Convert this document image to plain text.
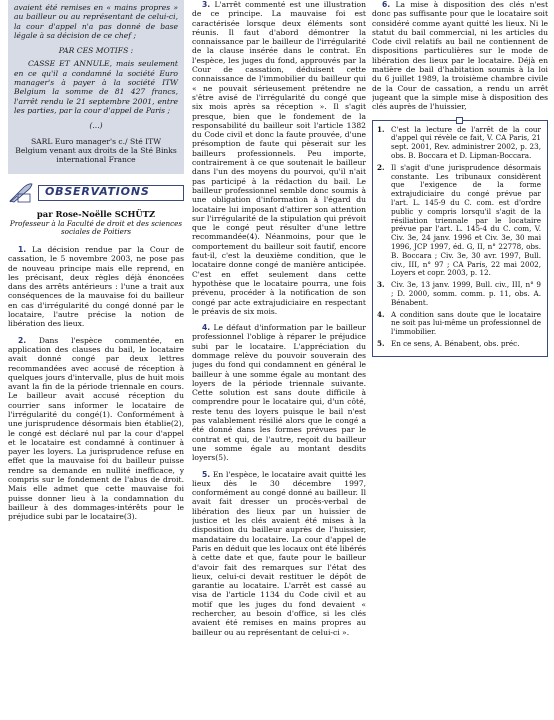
avaient été remises en « mains propres » au bailleur ou au représentant de celui-ci, la cour d'appel n'a pas donné de base légale à sa décision de ce chef ;

PAR CES MOTIFS :

CASSE ET ANNULE, mais seulement en ce qu'il a condamné la société Euro manager's à payer à la société ITW Belgium la somme de 81 427 francs, l'arrêt rendu le 21 septembre 2001, entre les parties, par la cour d'appel de Paris ;

(...)

SARL Euro manager's c./ Sté ITW Belgium venant aux droits de la Sté Binks international France

OBSERVATIONS
par Rose-Noëlle SCHÜTZ
Professeur à la Faculté de droit et des sciences sociales de Poitiers

1. La décision rendue par la Cour de cassation, le 5 novembre 2003, ne pose pas de nouveau principe mais elle reprend, en les précisant, deux règles déjà énoncées dans des arrêts antérieurs : l'une a trait aux conséquences de la mauvaise foi du bailleur en cas d'irrégularité du congé donné par le locataire, l'autre précise la notion de libération des lieux.

2. Dans l'espèce commentée, en application des clauses du bail, le locataire avait donné congé par deux lettres recommandées avec accusé de réception à quelques jours d'intervalle, plus de huit mois avant la fin de la période triennale en cours. Le bailleur avait accusé réception du courrier sans informer le locataire de l'irrégularité du congé(1). Conformément à une jurisprudence désormais bien établie(2), le congé est déclaré nul par la cour d'appel et le locataire est condamné à continuer à payer les loyers. La jurisprudence refuse en effet que la mauvaise foi du bailleur puisse rendre sa demande en nullité inefficace, y compris sur le fondement de l'abus de droit. Mais elle admet que cette mauvaise foi puisse donner lieu à la condamnation du bailleur à des dommages-intérêts pour le préjudice subi par le locataire(3).

3. L'arrêt commenté est une illustration de ce principe. La mauvaise foi est caractérisée lorsque deux éléments sont réunis. Il faut d'abord démontrer la connaissance par le bailleur de l'irrégularité de la clause insérée dans le contrat. En l'espèce, les juges du fond, approuvés par la Cour de cassation, déduisent cette connaissance de l'immobilier du bailleur qui « ne pouvait sérieusement prétendre ne s'être avisé de l'irrégularité du congé que six mois après sa réception ». Il s'agit presque, bien que le fondement de la responsabilité du bailleur soit l'article 1382 du Code civil et donc la faute prouvée, d'une présomption de faute qui pèserait sur les bailleurs professionnels. Peu importe, contrairement à ce que soutenait le bailleur dans l'un des moyens du pourvoi, qu'il n'ait pas participé à la rédaction du bail. Le bailleur professionnel semble donc soumis à une obligation d'information à l'égard du locataire lui imposant d'attirer son attention sur l'irrégularité de la stipulation qui prévoit que le congé peut résulter d'une lettre recommandée(4). Néanmoins, pour que le comportement du bailleur soit fautif, encore faut-il, c'est la deuxième condition, que le locataire donne congé de manière anticipée. C'est en effet seulement dans cette hypothèse que le locataire pourra, une fois prévenu, procéder à la notification de son congé par acte extrajudiciaire en respectant le préavis de six mois.

4. Le défaut d'information par le bailleur professionnel l'oblige à réparer le préjudice subi par le locataire. L'appréciation du dommage relève du pouvoir souverain des juges du fond qui condamnent en général le bailleur à une somme égale au montant des loyers de la période triennale suivante. Cette solution est sans doute difficile à comprendre pour le locataire qui, d'un côté, reste tenu des loyers puisque le bail n'est pas valablement résilié alors que le congé a été donné dans les formes prévues par le contrat et qui, de l'autre, reçoit du bailleur une somme égale au montant desdits loyers(5).

5. En l'espèce, le locataire avait quitté les lieux dès le 30 décembre 1997, conformément au congé donné au bailleur. Il avait fait dresser un procès-verbal de libération des lieux par un huissier de justice et les clés avaient été mises à la disposition du bailleur auprès de l'huissier, mandataire du locataire. La cour d'appel de Paris en déduit que les locaux ont été libérés à cette date et que, faute pour le bailleur d'avoir fait des remarques sur l'état des lieux, celui-ci devait restituer le dépôt de garantie au locataire. L'arrêt est cassé au visa de l'article 1134 du Code civil et au motif que les juges du fond devaient « rechercher, au besoin d'office, si les clés avaient été remises en mains propres au bailleur ou au représentant de celui-ci ».

6. La mise à disposition des clés n'est donc pas suffisante pour que le locataire soit considéré comme ayant quitté les lieux. Ni le statut du bail commercial, ni les articles du Code civil relatifs au bail ne contiennent de dispositions particulières sur le mode de libération des lieux par le locataire. Déjà en matière de bail d'habitation soumis à la loi du 6 juillet 1989, la troisième chambre civile de la Cour de cassation, a rendu un arrêt jugeant que la simple mise à disposition des clés auprès de l'huissier,

1. C'est la lecture de l'arrêt de la cour d'appel qui révèle ce fait, V. CA Paris, 21 sept. 2001, Rev. administrer 2002, p. 23, obs. B. Boccara et D. Lipman-Boccara.
2. Il s'agit d'une jurisprudence désormais constante. Les tribunaux considèrent que l'exigence de la forme extrajudiciaire du congé prévue par l'art. L. 145-9 du C. com. est d'ordre public y compris lorsqu'il s'agit de la résiliation triennale par le locataire prévue par l'art. L. 145-4 du C. com, V. Civ. 3e, 24 janv. 1996 et Civ. 3e, 30 mai 1996, JCP 1997, éd. G, II, n° 22778, obs. B. Boccara ; Civ. 3e, 30 avr. 1997, Bull. civ., III, n° 97 ; CA Paris, 22 mai 2002, Loyers et copr. 2003, p. 12.
3. Civ. 3e, 13 janv. 1999, Bull. civ., III, n° 9 ; D. 2000, somm. comm. p. 11, obs. A. Bénabent.
4. A condition sans doute que le locataire ne soit pas lui-même un professionnel de l'immobilier.
5. En ce sens, A. Bénabent, obs. préc.
